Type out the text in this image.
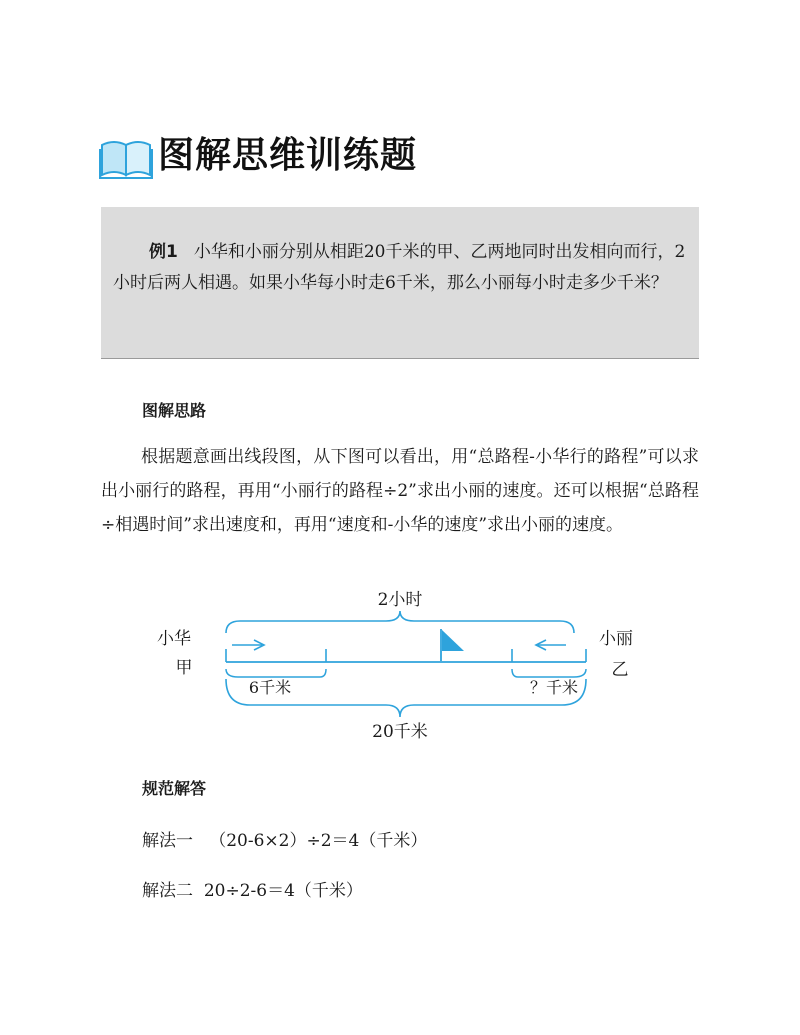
图解思维训练题
例1 小华和小丽分别从相距20千米的甲、乙两地同时出发相向而行，2小时后两人相遇。如果小华每小时走6千米，那么小丽每小时走多少千米？
图解思路
根据题意画出线段图，从下图可以看出，用“总路程-小华行的路程”可以求出小丽行的路程，再用“小丽行的路程÷2”求出小丽的速度。还可以根据“总路程÷相遇时间”求出速度和，再用“速度和-小华的速度”求出小丽的速度。
2小时
小华
甲
小丽
乙
6千米	？千米
20千米
规范解答
解法一 （20-6×2）÷2＝4（千米）
解法二 20÷2-6＝4（千米）
